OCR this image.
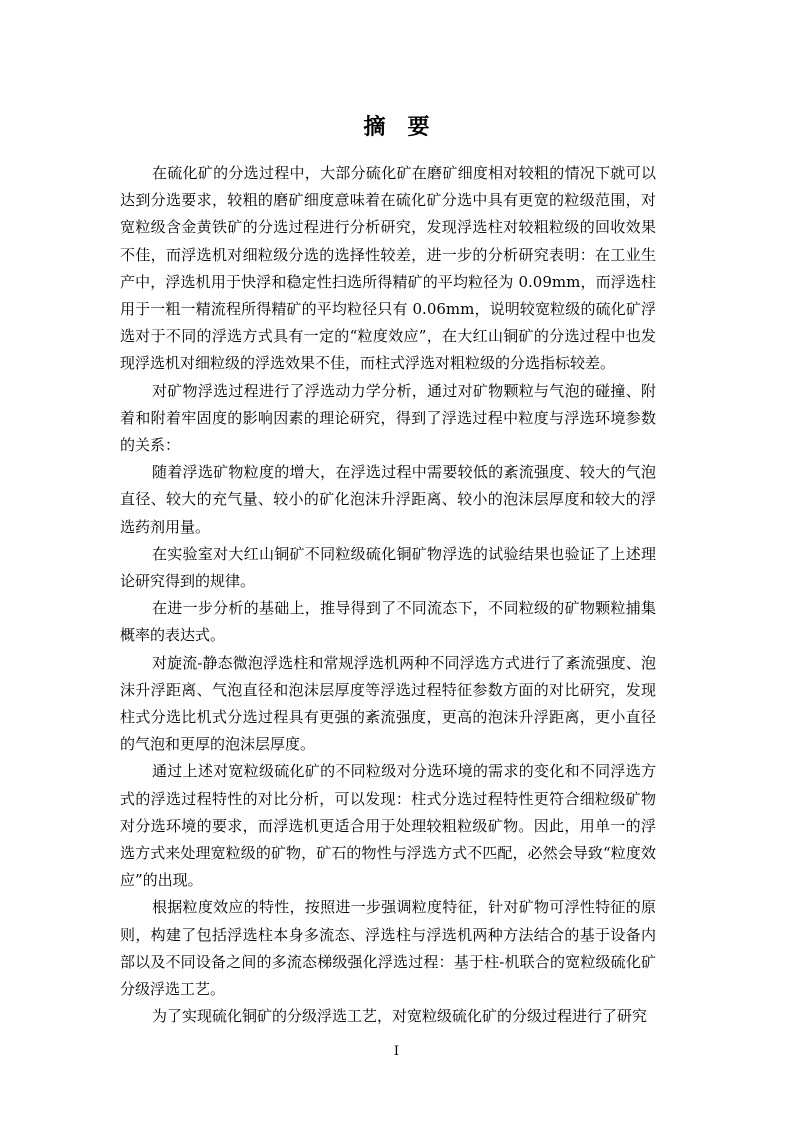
摘要

在硫化矿的分选过程中，大部分硫化矿在磨矿细度相对较粗的情况下就可以达到分选要求，较粗的磨矿细度意味着在硫化矿分选中具有更宽的粒级范围，对宽粒级含金黄铁矿的分选过程进行分析研究，发现浮选柱对较粗粒级的回收效果不佳，而浮选机对细粒级分选的选择性较差，进一步的分析研究表明：在工业生产中，浮选机用于快浮和稳定性扫选所得精矿的平均粒径为 0.09mm，而浮选柱用于一粗一精流程所得精矿的平均粒径只有 0.06mm，说明较宽粒级的硫化矿浮选对于不同的浮选方式具有一定的“粒度效应”，在大红山铜矿的分选过程中也发现浮选机对细粒级的浮选效果不佳，而柱式浮选对粗粒级的分选指标较差。

对矿物浮选过程进行了浮选动力学分析，通过对矿物颗粒与气泡的碰撞、附着和附着牢固度的影响因素的理论研究，得到了浮选过程中粒度与浮选环境参数的关系：

随着浮选矿物粒度的增大，在浮选过程中需要较低的紊流强度、较大的气泡直径、较大的充气量、较小的矿化泡沫升浮距离、较小的泡沫层厚度和较大的浮选药剂用量。

在实验室对大红山铜矿不同粒级硫化铜矿物浮选的试验结果也验证了上述理论研究得到的规律。

在进一步分析的基础上，推导得到了不同流态下，不同粒级的矿物颗粒捕集概率的表达式。

对旋流-静态微泡浮选柱和常规浮选机两种不同浮选方式进行了紊流强度、泡沫升浮距离、气泡直径和泡沫层厚度等浮选过程特征参数方面的对比研究，发现柱式分选比机式分选过程具有更强的紊流强度，更高的泡沫升浮距离，更小直径的气泡和更厚的泡沫层厚度。

通过上述对宽粒级硫化矿的不同粒级对分选环境的需求的变化和不同浮选方式的浮选过程特性的对比分析，可以发现：柱式分选过程特性更符合细粒级矿物对分选环境的要求，而浮选机更适合用于处理较粗粒级矿物。因此，用单一的浮选方式来处理宽粒级的矿物，矿石的物性与浮选方式不匹配，必然会导致“粒度效应”的出现。

根据粒度效应的特性，按照进一步强调粒度特征，针对矿物可浮性特征的原则，构建了包括浮选柱本身多流态、浮选柱与浮选机两种方法结合的基于设备内部以及不同设备之间的多流态梯级强化浮选过程：基于柱-机联合的宽粒级硫化矿分级浮选工艺。

为了实现硫化铜矿的分级浮选工艺，对宽粒级硫化矿的分级过程进行了研究

I
